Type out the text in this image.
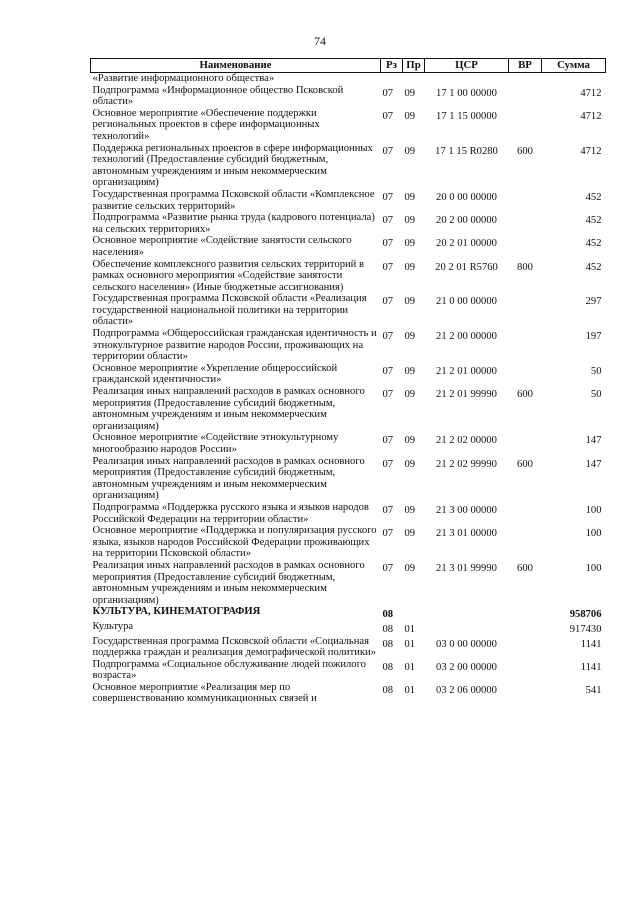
74
Наименование	Рз	Пр	ЦСР	ВР	Сумма
«Развитие информационного общества»					
Подпрограмма «Информационное общество Псковской области»	07	09	17 1 00 00000		4712
Основное мероприятие «Обеспечение поддержки региональных проектов в сфере информационных технологий»	07	09	17 1 15 00000		4712
Поддержка региональных проектов в сфере информационных технологий (Предоставление субсидий бюджетным, автономным учреждениям и иным некоммерческим организациям)	07	09	17 1 15 R0280	600	4712
Государственная программа Псковской области «Комплексное развитие сельских территорий»	07	09	20 0 00 00000		452
Подпрограмма «Развитие рынка труда (кадрового потенциала) на сельских территориях»	07	09	20 2 00 00000		452
Основное мероприятие «Содействие занятости сельского населения»	07	09	20 2 01 00000		452
Обеспечение комплексного развития сельских территорий в рамках основного мероприятия «Содействие занятости сельского населения» (Иные бюджетные ассигнования)	07	09	20 2 01 R5760	800	452
Государственная программа Псковской области «Реализация государственной национальной политики на территории области»	07	09	21 0 00 00000		297
Подпрограмма «Общероссийская гражданская идентичность и этнокультурное развитие народов России, проживающих на территории области»	07	09	21 2 00 00000		197
Основное мероприятие «Укрепление общероссийской гражданской идентичности»	07	09	21 2 01 00000		50
Реализация иных направлений расходов в рамках основного мероприятия (Предоставление субсидий бюджетным, автономным учреждениям и иным некоммерческим организациям)	07	09	21 2 01 99990	600	50
Основное мероприятие «Содействие этнокультурному многообразию народов России»	07	09	21 2 02 00000		147
Реализация иных направлений расходов в рамках основного мероприятия (Предоставление субсидий бюджетным, автономным учреждениям и иным некоммерческим организациям)	07	09	21 2 02 99990	600	147
Подпрограмма «Поддержка русского языка и языков народов Российской Федерации на территории области»	07	09	21 3 00 00000		100
Основное мероприятие «Поддержка и популяризация русского языка, языков народов Российской Федерации проживающих на территории Псковской области»	07	09	21 3 01 00000		100
Реализация иных направлений расходов в рамках основного мероприятия (Предоставление субсидий бюджетным, автономным учреждениям и иным некоммерческим организациям)	07	09	21 3 01 99990	600	100
КУЛЬТУРА, КИНЕМАТОГРАФИЯ	08				958706
Культура	08	01			917430
Государственная программа Псковской области «Социальная поддержка граждан и реализация демографической политики»	08	01	03 0 00 00000		1141
Подпрограмма «Социальное обслуживание людей пожилого возраста»	08	01	03 2 00 00000		1141
Основное мероприятие «Реализация мер по совершенствованию коммуникационных связей и	08	01	03 2 06 00000		541
